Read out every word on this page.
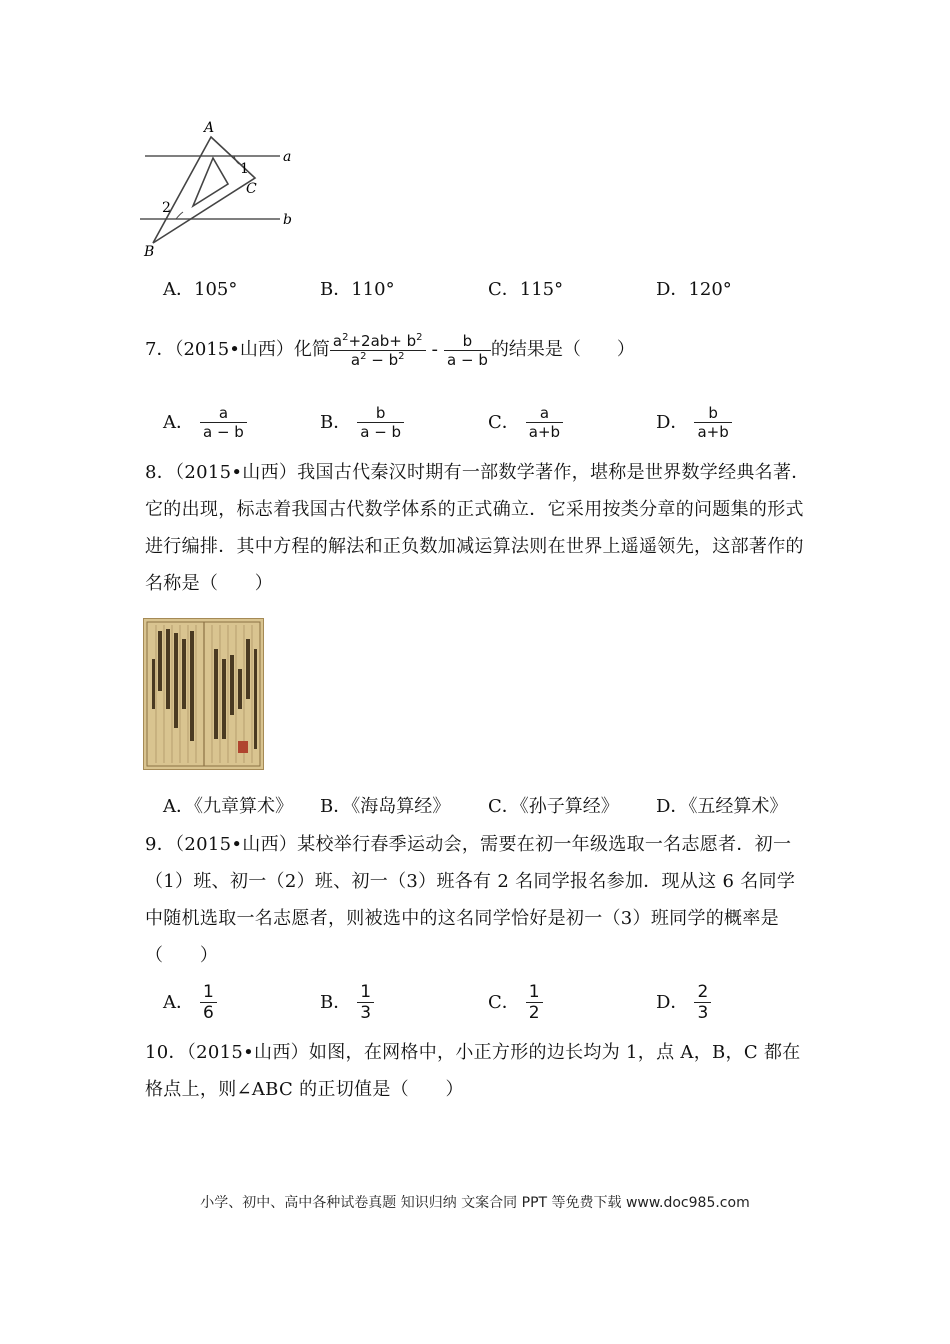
A
a
1
C
2
b
B
A．105°	B．110°	C．115°	D．120°
7．（2015•山西）化简 $\frac{a^2+2ab+ b^2}{a^2 - b^2} - \frac{b}{a - b}$ 的结果是（　　）
A． $\frac{a}{a - b}$	B． $\frac{b}{a - b}$	C． $\frac{a}{a+b}$	D． $\frac{b}{a+b}$
8．（2015•山西）我国古代秦汉时期有一部数学著作，堪称是世界数学经典名著．它的出现，标志着我国古代数学体系的正式确立．它采用按类分章的问题集的形式进行编排．其中方程的解法和正负数加减运算法则在世界上遥遥领先，这部著作的名称是（　　）
A．《九章算术》 B．《海岛算经》 C．《孙子算经》 D．《五经算术》
9．（2015•山西）某校举行春季运动会，需要在初一年级选取一名志愿者．初一（1）班、初一（2）班、初一（3）班各有 2 名同学报名参加．现从这 6 名同学中随机选取一名志愿者，则被选中的这名同学恰好是初一（3）班同学的概率是（　　）
A． $\frac{1}{6}$	B． $\frac{1}{3}$	C． $\frac{1}{2}$	D． $\frac{2}{3}$
10．（2015•山西）如图，在网格中，小正方形的边长均为 1，点 A，B，C 都在格点上，则∠ABC 的正切值是（　　）
小学、初中、高中各种试卷真题 知识归纳 文案合同 PPT 等免费下载 www.doc985.com
